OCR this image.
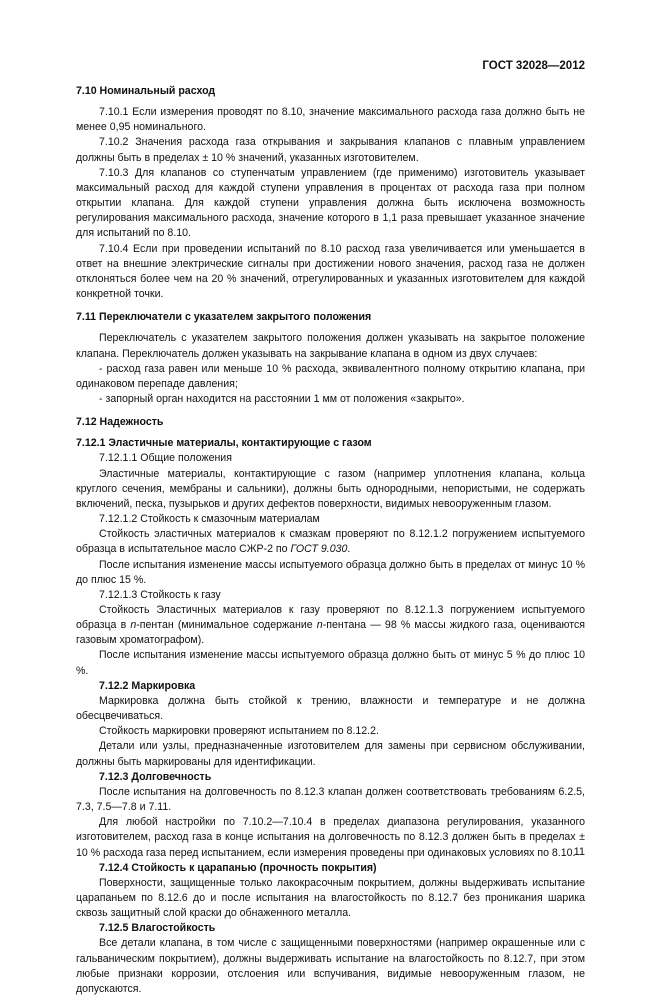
ГОСТ 32028—2012

7.10 Номинальный расход

7.10.1 Если измерения проводят по 8.10, значение максимального расхода газа должно быть не менее 0,95 номинального.

7.10.2 Значения расхода газа открывания и закрывания клапанов с плавным управлением должны быть в пределах ± 10 % значений, указанных изготовителем.

7.10.3 Для клапанов со ступенчатым управлением (где применимо) изготовитель указывает максимальный расход для каждой ступени управления в процентах от расхода газа при полном открытии клапана. Для каждой ступени управления должна быть исключена возможность регулирования максимального расхода, значение которого в 1,1 раза превышает указанное значение для испытаний по 8.10.

7.10.4 Если при проведении испытаний по 8.10 расход газа увеличивается или уменьшается в ответ на внешние электрические сигналы при достижении нового значения, расход газа не должен отклоняться более чем на 20 % значений, отрегулированных и указанных изготовителем для каждой конкретной точки.

7.11 Переключатели с указателем закрытого положения

Переключатель с указателем закрытого положения должен указывать на закрытое положение клапана. Переключатель должен указывать на закрывание клапана в одном из двух случаев:

- расход газа равен или меньше 10 % расхода, эквивалентного полному открытию клапана, при одинаковом перепаде давления;

- запорный орган находится на расстоянии 1 мм от положения «закрыто».

7.12 Надежность

7.12.1 Эластичные материалы, контактирующие с газом

7.12.1.1 Общие положения

Эластичные материалы, контактирующие с газом (например уплотнения клапана, кольца круглого сечения, мембраны и сальники), должны быть однородными, непористыми, не содержать включений, песка, пузырьков и других дефектов поверхности, видимых невооруженным глазом.

7.12.1.2 Стойкость к смазочным материалам

Стойкость эластичных материалов к смазкам проверяют по 8.12.1.2 погружением испытуемого образца в испытательное масло СЖР-2 по ГОСТ 9.030.

После испытания изменение массы испытуемого образца должно быть в пределах от минус 10 % до плюс 15 %.

7.12.1.3 Стойкость к газу

Стойкость Эластичных материалов к газу проверяют по 8.12.1.3 погружением испытуемого образца в n-пентан (минимальное содержание n-пентана — 98 % массы жидкого газа, оцениваются газовым хроматографом).

После испытания изменение массы испытуемого образца должно быть от минус 5 % до плюс 10 %.

7.12.2 Маркировка

Маркировка должна быть стойкой к трению, влажности и температуре и не должна обесцвечиваться.

Стойкость маркировки проверяют испытанием по 8.12.2.

Детали или узлы, предназначенные изготовителем для замены при сервисном обслуживании, должны быть маркированы для идентификации.

7.12.3 Долговечность

После испытания на долговечность по 8.12.3 клапан должен соответствовать требованиям 6.2.5, 7.3, 7.5—7.8 и 7.11.

Для любой настройки по 7.10.2—7.10.4 в пределах диапазона регулирования, указанного изготовителем, расход газа в конце испытания на долговечность по 8.12.3 должен быть в пределах ± 10 % расхода газа перед испытанием, если измерения проведены при одинаковых условиях по 8.10.

7.12.4 Стойкость к царапанью (прочность покрытия)

Поверхности, защищенные только лакокрасочным покрытием, должны выдерживать испытание царапаньем по 8.12.6 до и после испытания на влагостойкость по 8.12.7 без проникания шарика сквозь защитный слой краски до обнаженного металла.

7.12.5 Влагостойкость

Все детали клапана, в том числе с защищенными поверхностями (например окрашенные или с гальваническим покрытием), должны выдерживать испытание на влагостойкость по 8.12.7, при этом любые признаки коррозии, отслоения или вспучивания, видимые невооруженным глазом, не допускаются.

11
